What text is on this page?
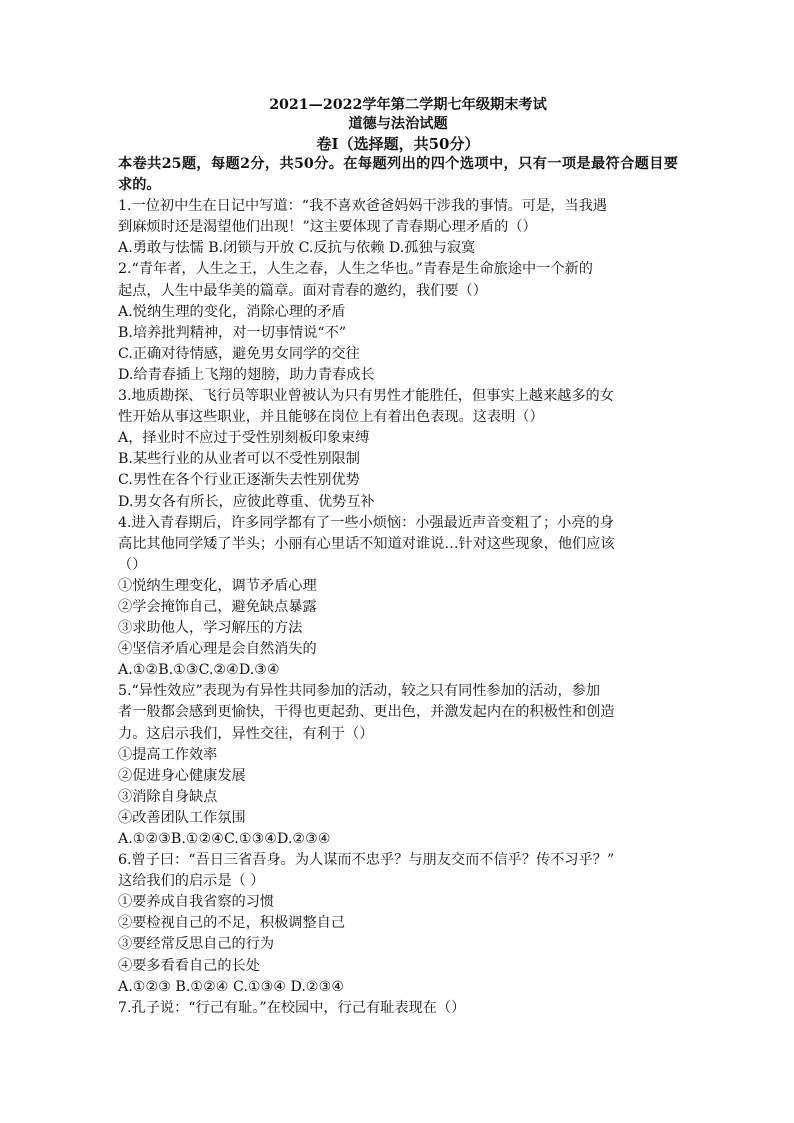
2021—2022学年第二学期七年级期末考试
道德与法治试题
卷Ⅰ（选择题，共50分）
本卷共25题，每题2分，共50分。在每题列出的四个选项中，只有一项是最符合题目要求的。
1.一位初中生在日记中写道：“我不喜欢爸爸妈妈干涉我的事情。可是，当我遇
到麻烦时还是渴望他们出现！”这主要体现了青春期心理矛盾的（）
A.勇敢与怯懦 B.闭锁与开放 C.反抗与依赖 D.孤独与寂寞
2.“青年者，人生之王，人生之春，人生之华也。”青春是生命旅途中一个新的
起点，人生中最华美的篇章。面对青春的邀约，我们要（）
A.悦纳生理的变化，消除心理的矛盾
B.培养批判精神，对一切事情说“不”
C.正确对待情感，避免男女同学的交往
D.给青春插上飞翔的翅膀，助力青春成长
3.地质勘探、飞行员等职业曾被认为只有男性才能胜任，但事实上越来越多的女
性开始从事这些职业，并且能够在岗位上有着出色表现。这表明（）
A，择业时不应过于受性别刻板印象束缚
B.某些行业的从业者可以不受性别限制
C.男性在各个行业正逐渐失去性别优势
D.男女各有所长，应彼此尊重、优势互补
4.进入青春期后，许多同学都有了一些小烦恼：小强最近声音变粗了；小亮的身
高比其他同学矮了半头；小丽有心里话不知道对谁说…针对这些现象，他们应该
（）
①悦纳生理变化，调节矛盾心理
②学会掩饰自己，避免缺点暴露
③求助他人，学习解压的方法
④坚信矛盾心理是会自然消失的
A.①②B.①③C.②④D.③④
5.“异性效应”表现为有异性共同参加的活动，较之只有同性参加的活动，参加
者一般都会感到更愉快，干得也更起劲、更出色，并激发起内在的积极性和创造
力。这启示我们，异性交往，有利于（）
①提高工作效率
②促进身心健康发展
③消除自身缺点
④改善团队工作氛围
A.①②③B.①②④C.①③④D.②③④
6.曾子曰：“吾日三省吾身。为人谋而不忠乎？与朋友交而不信乎？传不习乎？”
这给我们的启示是（ ）
①要养成自我省察的习惯
②要检视自己的不足，积极调整自己
③要经常反思自己的行为
④要多看看自己的长处
A.①②③ B.①②④ C.①③④ D.②③④
7.孔子说：“行己有耻。”在校园中，行己有耻表现在（）
